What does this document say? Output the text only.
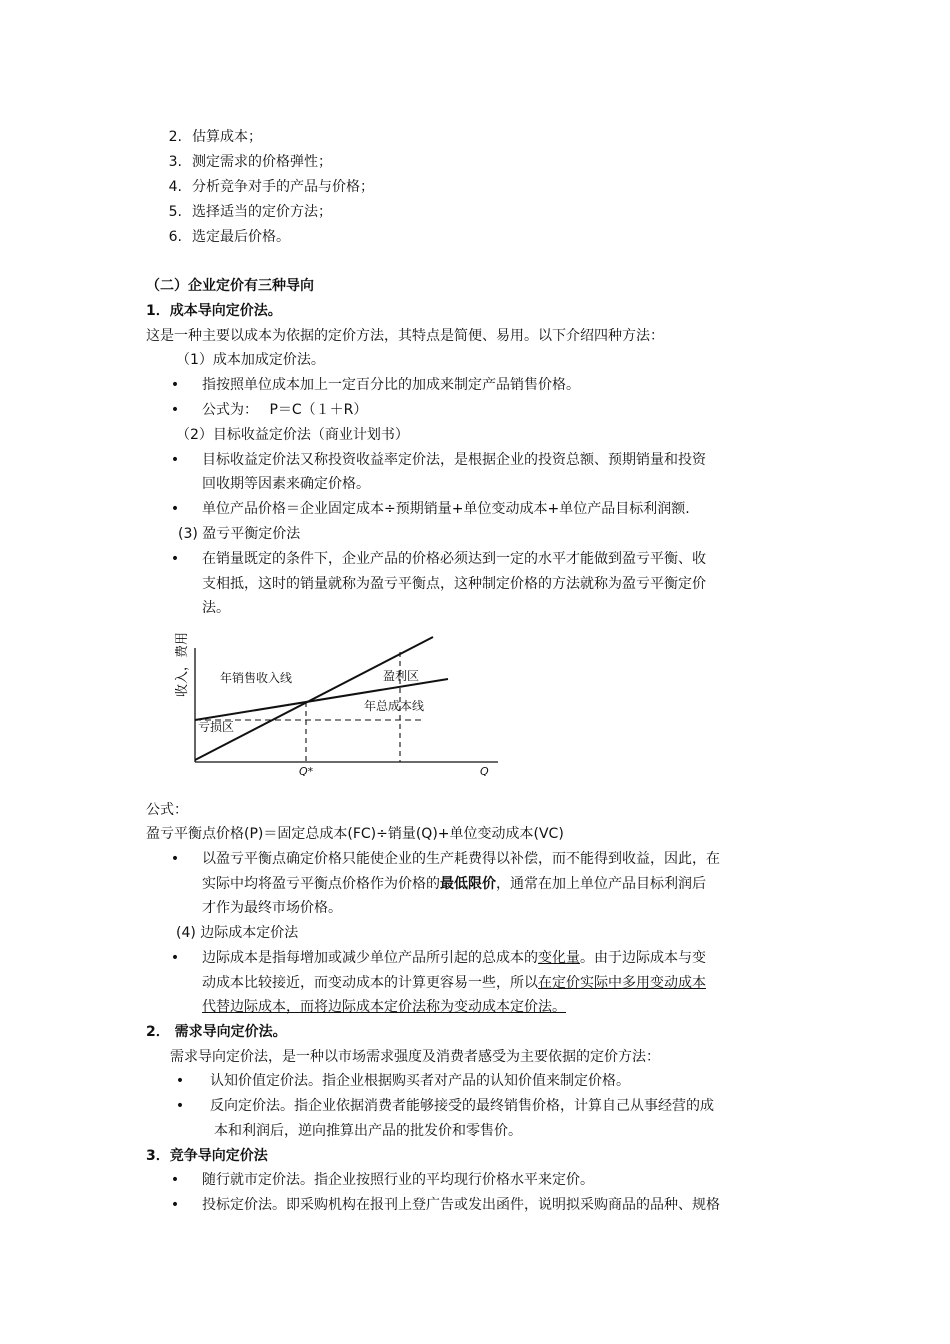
2. 估算成本；
3. 测定需求的价格弹性；
4. 分析竞争对手的产品与价格；
5. 选择适当的定价方法；
6. 选定最后价格。
（二）企业定价有三种导向
1．成本导向定价法。
这是一种主要以成本为依据的定价方法，其特点是简便、易用。以下介绍四种方法：
（1）成本加成定价法。
• 指按照单位成本加上一定百分比的加成来制定产品销售价格。
• 公式为：　 P＝C（１＋R）
（2）目标收益定价法（商业计划书）
• 目标收益定价法又称投资收益率定价法，是根据企业的投资总额、预期销量和投资
回收期等因素来确定价格。
• 单位产品价格＝企业固定成本÷预期销量+单位变动成本+单位产品目标利润额.
(3) 盈亏平衡定价法
• 在销量既定的条件下，企业产品的价格必须达到一定的水平才能做到盈亏平衡、收
支相抵，这时的销量就称为盈亏平衡点，这种制定价格的方法就称为盈亏平衡定价
法。
收入，费用	年销售收入线	盈利区
年总成本线
亏损区
Q*	Q
公式：
盈亏平衡点价格(P)＝固定总成本(FC)÷销量(Q)+单位变动成本(VC)
• 以盈亏平衡点确定价格只能使企业的生产耗费得以补偿，而不能得到收益，因此，在
实际中均将盈亏平衡点价格作为价格的最低限价，通常在加上单位产品目标利润后
才作为最终市场价格。
(4) 边际成本定价法
• 边际成本是指每增加或减少单位产品所引起的总成本的变化量。由于边际成本与变
动成本比较接近，而变动成本的计算更容易一些，所以在定价实际中多用变动成本
代替边际成本，而将边际成本定价法称为变动成本定价法。
2． 需求导向定价法。
需求导向定价法，是一种以市场需求强度及消费者感受为主要依据的定价方法：
• 认知价值定价法。指企业根据购买者对产品的认知价值来制定价格。
• 反向定价法。指企业依据消费者能够接受的最终销售价格，计算自己从事经营的成
本和利润后，逆向推算出产品的批发价和零售价。
3．竞争导向定价法
• 随行就市定价法。指企业按照行业的平均现行价格水平来定价。
• 投标定价法。即采购机构在报刊上登广告或发出函件，说明拟采购商品的品种、规格
